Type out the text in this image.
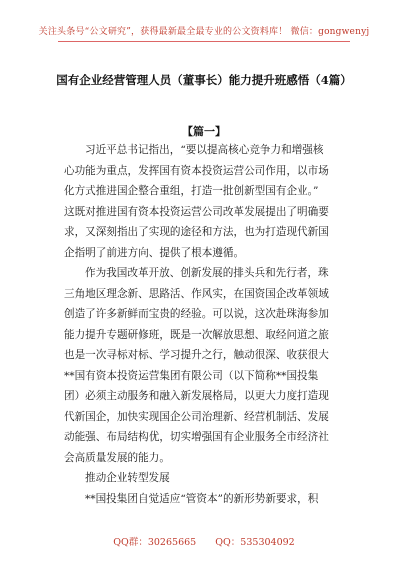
关注头条号“公文研究”，获得最新最全最专业的公文资料库！ 微信：gongwenyj
国有企业经营管理人员（董事长）能力提升班感悟（4篇）
【篇一】
习近平总书记指出，“要以提高核心竞争力和增强核
心功能为重点，发挥国有资本投资运营公司作用，以市场
化方式推进国企整合重组，打造一批创新型国有企业。”
这既对推进国有资本投资运营公司改革发展提出了明确要
求，又深刻指出了实现的途径和方法，也为打造现代新国
企指明了前进方向、提供了根本遵循。
作为我国改革开放、创新发展的排头兵和先行者，珠
三角地区理念新、思路活、作风实，在国资国企改革领域
创造了许多新鲜而宝贵的经验。可以说，这次赴珠海参加
能力提升专题研修班，既是一次解放思想、取经问道之旅
也是一次寻标对标、学习提升之行，触动很深、收获很大
**国有资本投资运营集团有限公司（以下简称**国投集
团）必须主动服务和融入新发展格局，以更大力度打造现
代新国企，加快实现国企公司治理新、经营机制活、发展
动能强、布局结构优，切实增强国有企业服务全市经济社
会高质量发展的能力。
推动企业转型发展
**国投集团自觉适应“管资本”的新形势新要求，积
QQ群：30265665 QQ：535304092
